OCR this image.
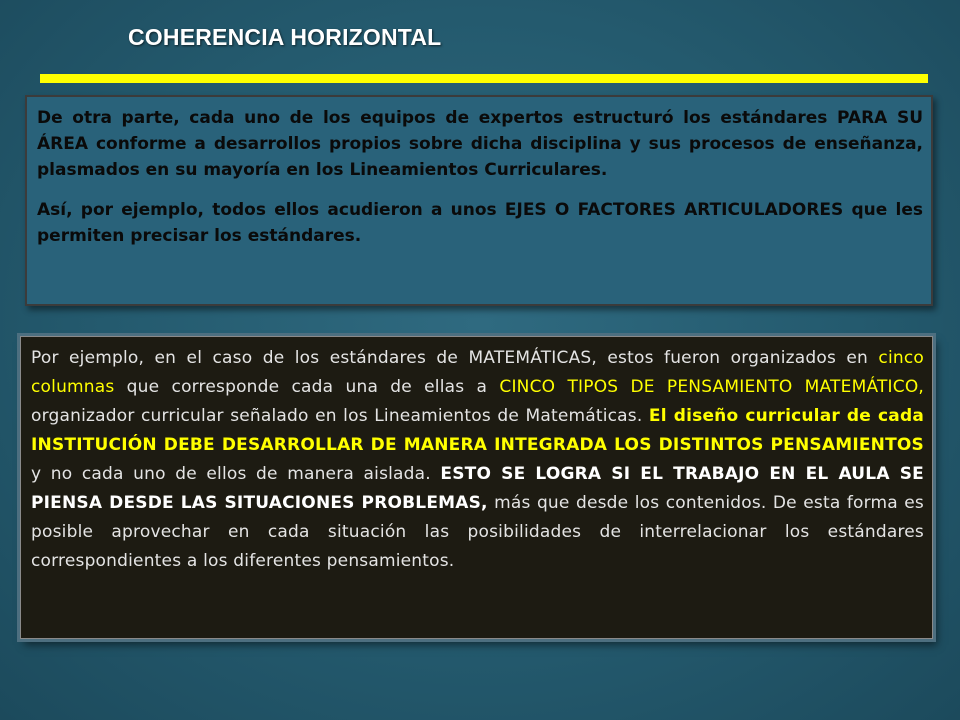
COHERENCIA HORIZONTAL

De otra parte, cada uno de los equipos de expertos estructuró los estándares PARA SU ÁREA conforme a desarrollos propios sobre dicha disciplina y sus procesos de enseñanza, plasmados en su mayoría en los Lineamientos Curriculares.

Así, por ejemplo, todos ellos acudieron a unos EJES O FACTORES ARTICULADORES que les permiten precisar los estándares.

Por ejemplo, en el caso de los estándares de MATEMÁTICAS, estos fueron organizados en cinco columnas que corresponde cada una de ellas a CINCO TIPOS DE PENSAMIENTO MATEMÁTICO, organizador curricular señalado en los Lineamientos de Matemáticas. El diseño curricular de cada INSTITUCIÓN DEBE DESARROLLAR DE MANERA INTEGRADA LOS DISTINTOS PENSAMIENTOS y no cada uno de ellos de manera aislada. ESTO SE LOGRA SI EL TRABAJO EN EL AULA SE PIENSA DESDE LAS SITUACIONES PROBLEMAS, más que desde los contenidos. De esta forma es posible aprovechar en cada situación las posibilidades de interrelacionar los estándares correspondientes a los diferentes pensamientos.
